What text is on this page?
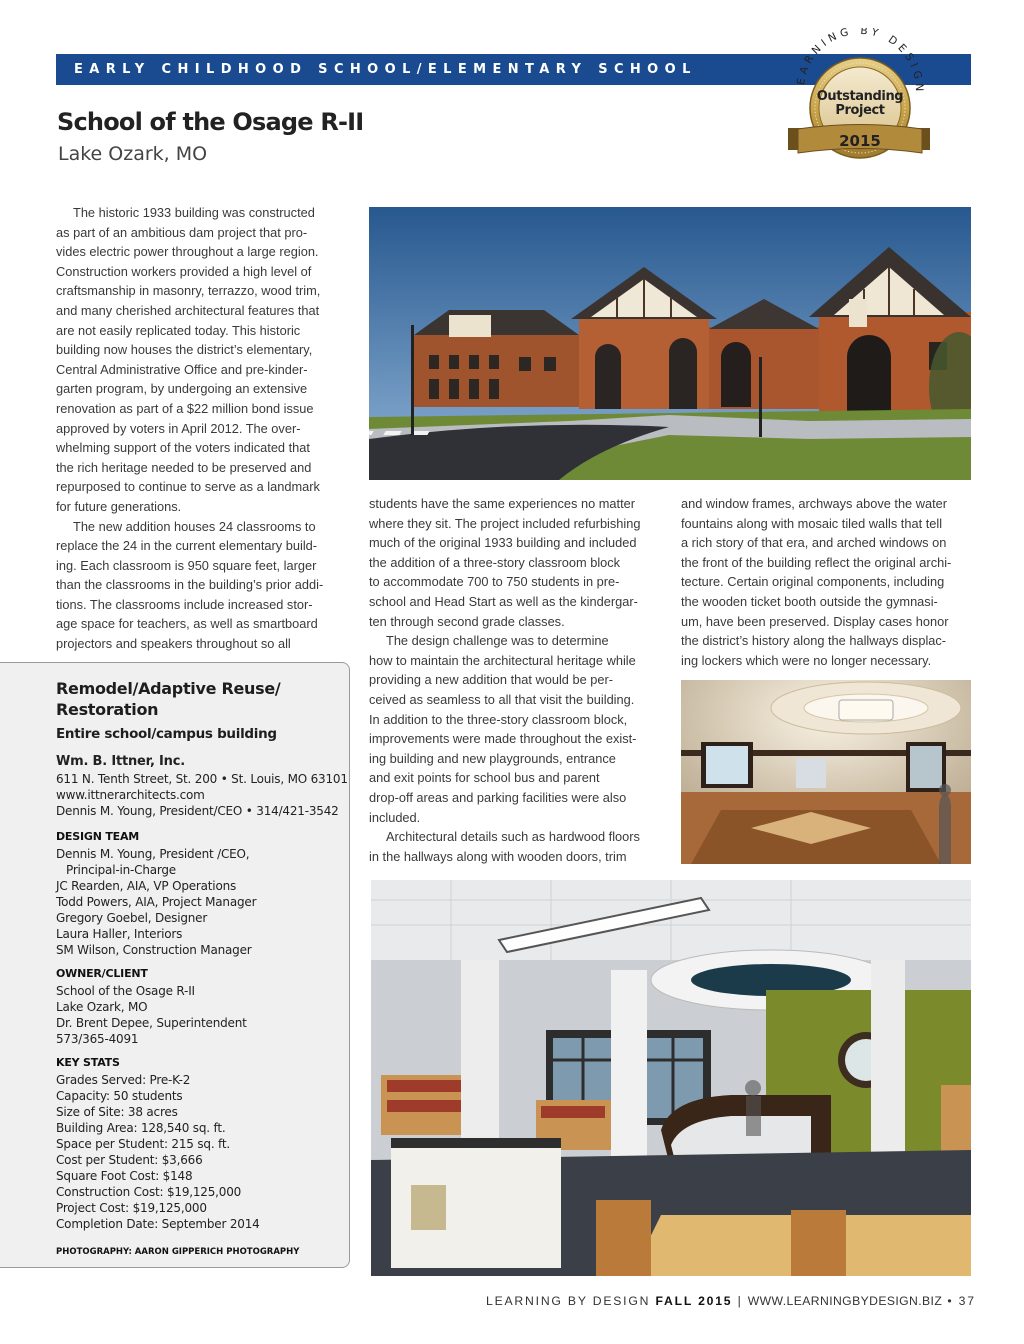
EARLY CHILDHOOD SCHOOL/ELEMENTARY SCHOOL
EARNING BY DESIGN
Outstanding
Project
2015
School of the Osage R-II
Lake Ozark, MO

The historic 1933 building was constructed

as part of an ambitious dam project that pro-

vides electric power throughout a large region.

Construction workers provided a high level of

craftsmanship in masonry, terrazzo, wood trim,

and many cherished architectural features that

are not easily replicated today. This historic

building now houses the district’s elementary,

Central Administrative Office and pre-kinder-

garten program, by undergoing an extensive

renovation as part of a $22 million bond issue

approved by voters in April 2012. The over-

whelming support of the voters indicated that

the rich heritage needed to be preserved and

repurposed to continue to serve as a landmark

for future generations.

The new addition houses 24 classrooms to

replace the 24 in the current elementary build-

ing. Each classroom is 950 square feet, larger

than the classrooms in the building’s prior addi-

tions. The classrooms include increased stor-

age space for teachers, as well as smartboard

projectors and speakers throughout so all

students have the same experiences no matter

where they sit. The project included refurbishing

much of the original 1933 building and included

the addition of a three-story classroom block

to accommodate 700 to 750 students in pre-

school and Head Start as well as the kindergar-

ten through second grade classes.

The design challenge was to determine

how to maintain the architectural heritage while

providing a new addition that would be per-

ceived as seamless to all that visit the building.

In addition to the three-story classroom block,

improvements were made throughout the exist-

ing building and new playgrounds, entrance

and exit points for school bus and parent

drop-off areas and parking facilities were also

included.

Architectural details such as hardwood floors

in the hallways along with wooden doors, trim

and window frames, archways above the water

fountains along with mosaic tiled walls that tell

a rich story of that era, and arched windows on

the front of the building reflect the original archi-

tecture. Certain original components, including

the wooden ticket booth outside the gymnasi-

um, have been preserved. Display cases honor

the district’s history along the hallways displac-

ing lockers which were no longer necessary.

Remodel/Adaptive Reuse/
Restoration
Entire school/campus building
Wm. B. Ittner, Inc.
611 N. Tenth Street, St. 200 • St. Louis, MO 63101
www.ittnerarchitects.com
Dennis M. Young, President/CEO • 314/421-3542
DESIGN TEAM
Dennis M. Young, President /CEO,
Principal-in-Charge
JC Rearden, AIA, VP Operations
Todd Powers, AIA, Project Manager
Gregory Goebel, Designer
Laura Haller, Interiors
SM Wilson, Construction Manager
OWNER/CLIENT
School of the Osage R-II
Lake Ozark, MO
Dr. Brent Depee, Superintendent
573/365-4091
KEY STATS
Grades Served: Pre-K-2
Capacity: 50 students
Size of Site: 38 acres
Building Area: 128,540 sq. ft.
Space per Student: 215 sq. ft.
Cost per Student: $3,666
Square Foot Cost: $148
Construction Cost: $19,125,000
Project Cost: $19,125,000
Completion Date: September 2014
PHOTOGRAPHY: AARON GIPPERICH PHOTOGRAPHY
LEARNING BY DESIGN FALL 2015 | WWW.LEARNINGBYDESIGN.BIZ • 37
